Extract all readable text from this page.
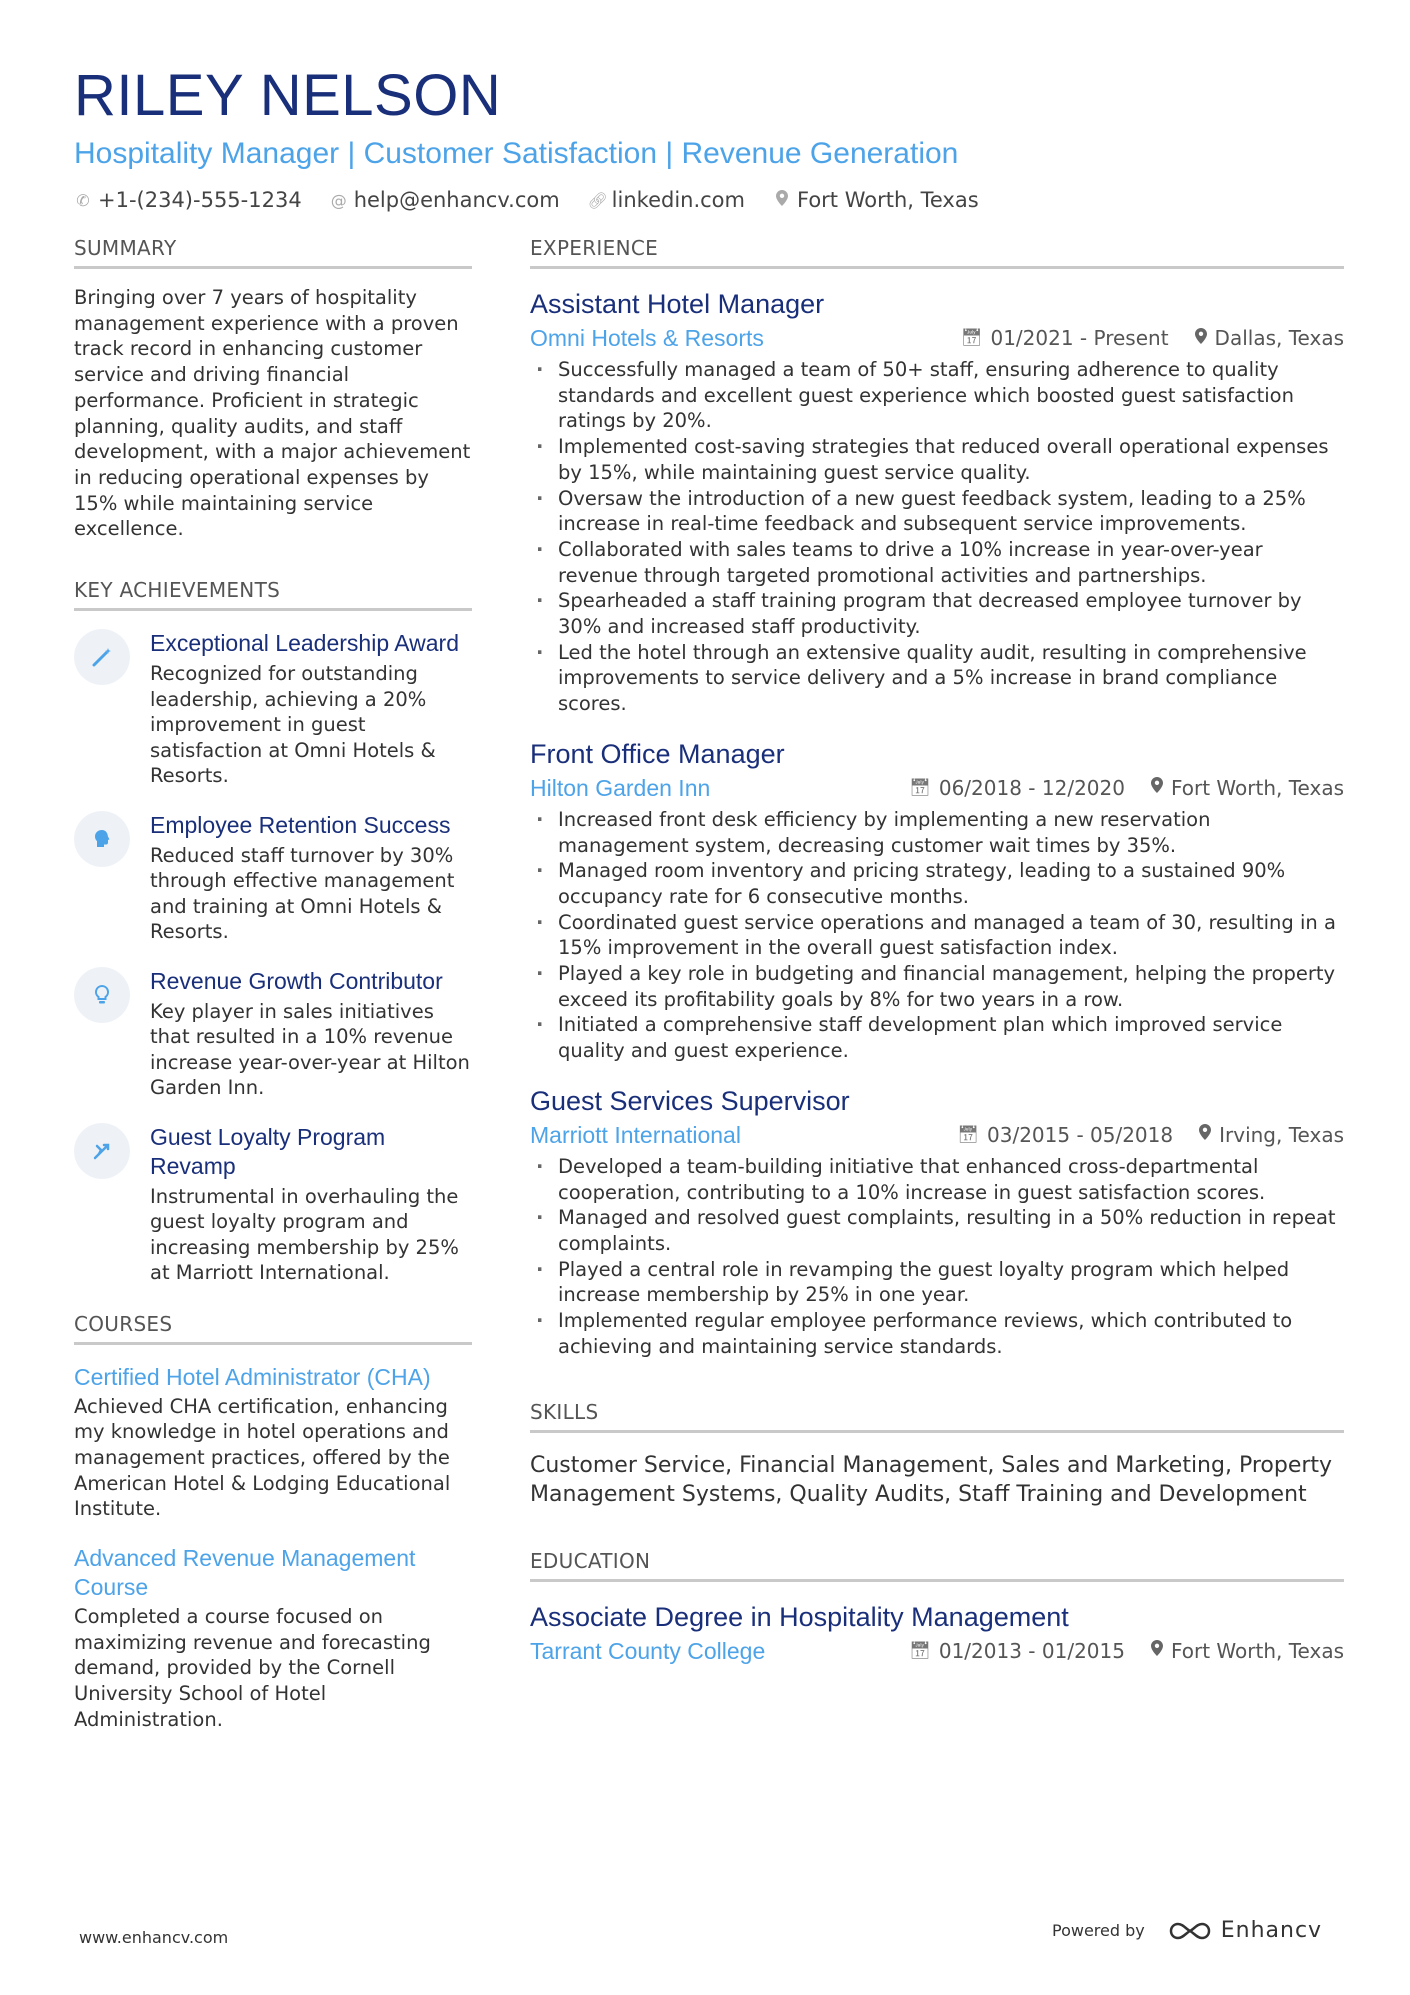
RILEY NELSON
Hospitality Manager | Customer Satisfaction | Revenue Generation
✆ +1-(234)-555-1234 @ help@enhancv.com 🔗︎ linkedin.com Fort Worth, Texas
SUMMARY
Bringing over 7 years of hospitality management experience with a proven track record in enhancing customer service and driving financial performance. Proficient in strategic planning, quality audits, and staff development, with a major achievement in reducing operational expenses by 15% while maintaining service excellence.
KEY ACHIEVEMENTS
Exceptional Leadership Award
Recognized for outstanding leadership, achieving a 20% improvement in guest satisfaction at Omni Hotels & Resorts.
Employee Retention Success
Reduced staff turnover by 30% through effective management and training at Omni Hotels & Resorts.
Revenue Growth Contributor
Key player in sales initiatives that resulted in a 10% revenue increase year-over-year at Hilton Garden Inn.
Guest Loyalty Program Revamp
Instrumental in overhauling the guest loyalty program and increasing membership by 25% at Marriott International.
COURSES
Certified Hotel Administrator (CHA)
Achieved CHA certification, enhancing my knowledge in hotel operations and management practices, offered by the American Hotel & Lodging Educational Institute.
Advanced Revenue Management Course
Completed a course focused on maximizing revenue and forecasting demand, provided by the Cornell University School of Hotel Administration.
EXPERIENCE
Assistant Hotel Manager
Omni Hotels & Resorts	📅︎ 01/2021 - Present Dallas, Texas
· Successfully managed a team of 50+ staff, ensuring adherence to quality standards and excellent guest experience which boosted guest satisfaction ratings by 20%.
· Implemented cost-saving strategies that reduced overall operational expenses by 15%, while maintaining guest service quality.
· Oversaw the introduction of a new guest feedback system, leading to a 25% increase in real-time feedback and subsequent service improvements.
· Collaborated with sales teams to drive a 10% increase in year-over-year revenue through targeted promotional activities and partnerships.
· Spearheaded a staff training program that decreased employee turnover by 30% and increased staff productivity.
· Led the hotel through an extensive quality audit, resulting in comprehensive improvements to service delivery and a 5% increase in brand compliance scores.
Front Office Manager
Hilton Garden Inn	📅︎ 06/2018 - 12/2020 Fort Worth, Texas
· Increased front desk efficiency by implementing a new reservation management system, decreasing customer wait times by 35%.
· Managed room inventory and pricing strategy, leading to a sustained 90% occupancy rate for 6 consecutive months.
· Coordinated guest service operations and managed a team of 30, resulting in a 15% improvement in the overall guest satisfaction index.
· Played a key role in budgeting and financial management, helping the property exceed its profitability goals by 8% for two years in a row.
· Initiated a comprehensive staff development plan which improved service quality and guest experience.
Guest Services Supervisor
Marriott International	📅︎ 03/2015 - 05/2018 Irving, Texas
· Developed a team-building initiative that enhanced cross-departmental cooperation, contributing to a 10% increase in guest satisfaction scores.
· Managed and resolved guest complaints, resulting in a 50% reduction in repeat complaints.
· Played a central role in revamping the guest loyalty program which helped increase membership by 25% in one year.
· Implemented regular employee performance reviews, which contributed to achieving and maintaining service standards.
SKILLS
Customer Service, Financial Management, Sales and Marketing, Property Management Systems, Quality Audits, Staff Training and Development
EDUCATION
Associate Degree in Hospitality Management
Tarrant County College	📅︎ 01/2013 - 01/2015 Fort Worth, Texas
www.enhancv.com	Powered by	Enhancv
